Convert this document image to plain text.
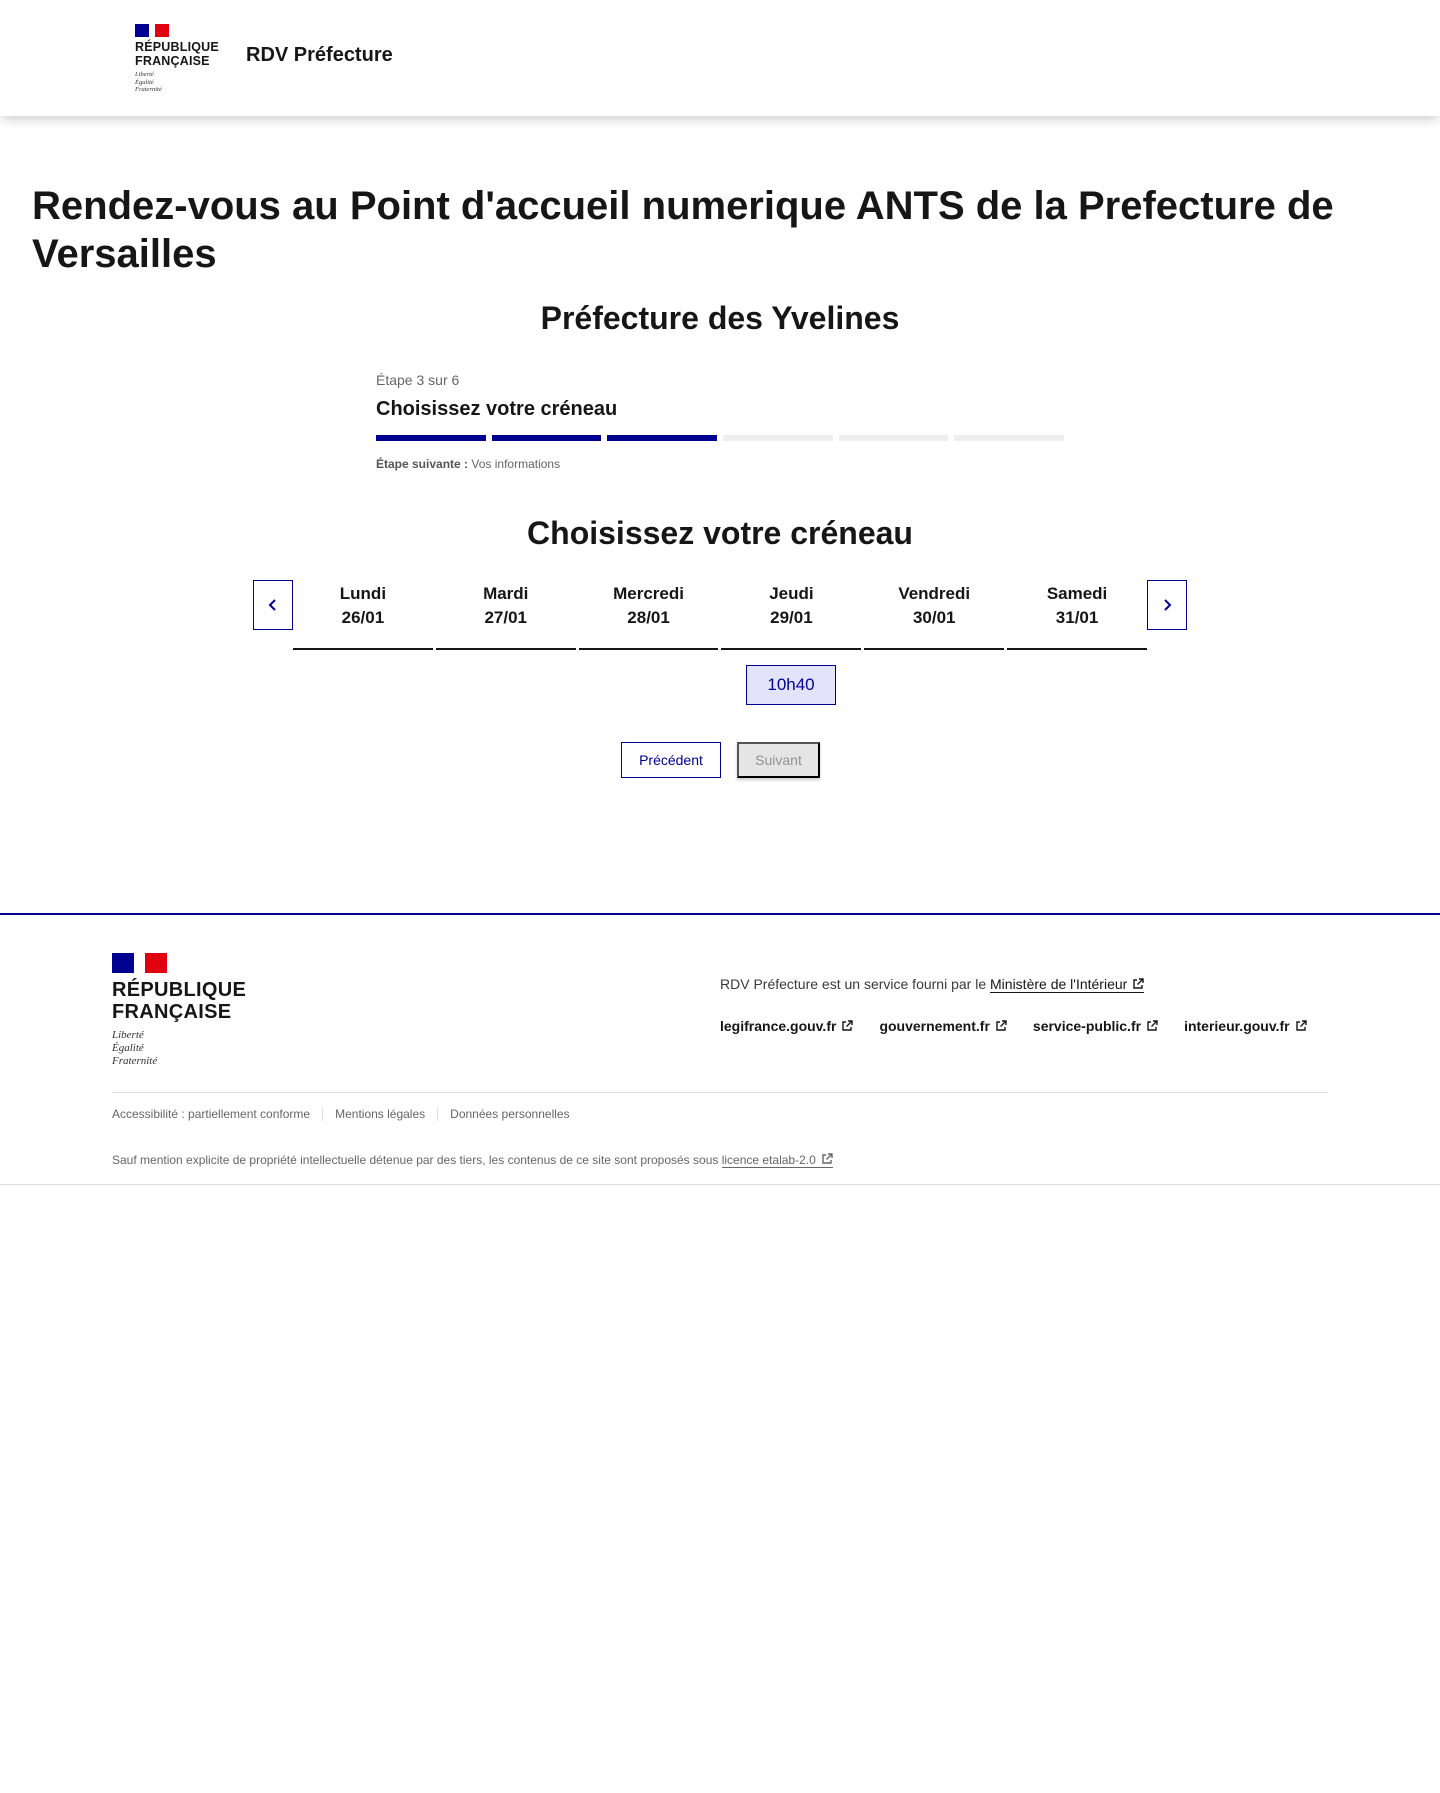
RÉPUBLIQUE
FRANÇAISE
Liberté
Égalité
Fraternité
RDV Préfecture
Rendez-vous au Point d'accueil numerique ANTS de la Prefecture de Versailles
Préfecture des Yvelines
Étape 3 sur 6
Choisissez votre créneau
Étape suivante : Vos informations
Choisissez votre créneau
Lundi
26/01
Mardi
27/01
Mercredi
28/01
Jeudi
29/01
Vendredi
30/01
Samedi
31/01
10h40
Précédent	Suivant
RÉPUBLIQUE
FRANÇAISE
Liberté
Égalité
Fraternité
RDV Préfecture est un service fourni par le Ministère de l'Intérieur
legifrance.gouv.fr	gouvernement.fr	service-public.fr	interieur.gouv.fr
Accessibilité : partiellement conforme	Mentions légales	Données personnelles
Sauf mention explicite de propriété intellectuelle détenue par des tiers, les contenus de ce site sont proposés sous licence etalab-2.0
